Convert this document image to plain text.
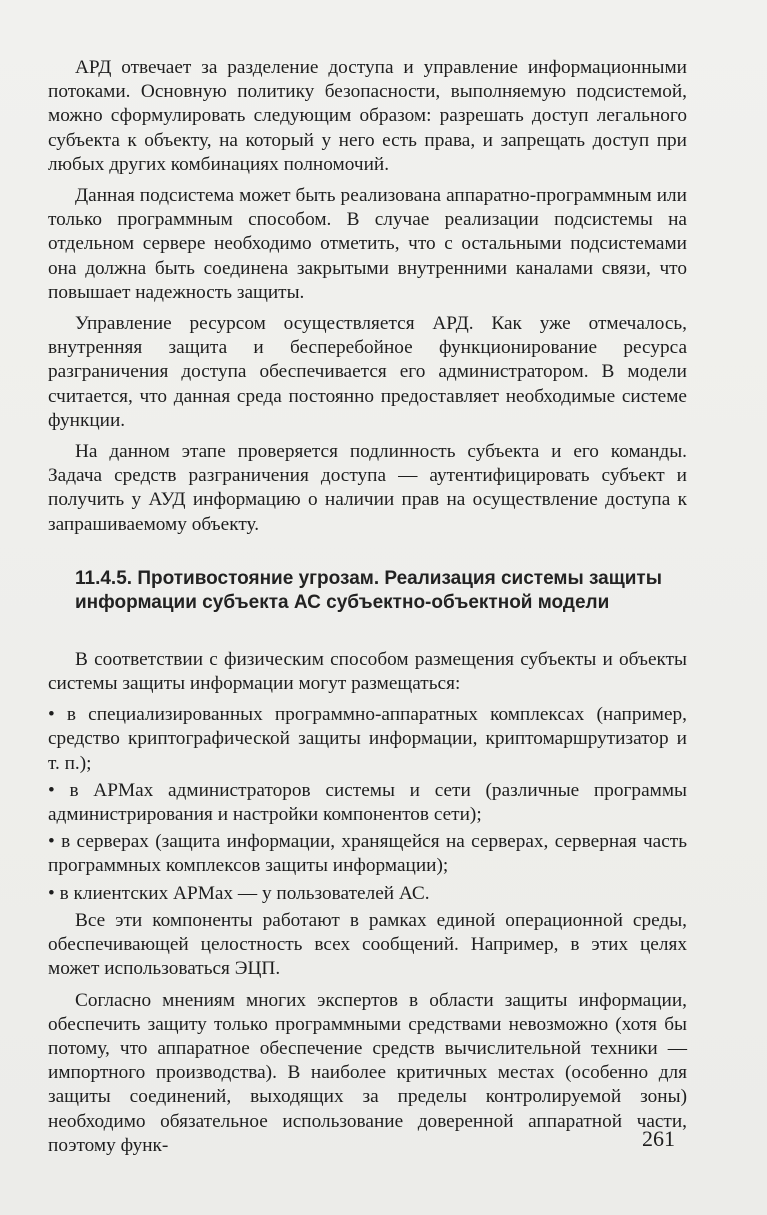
АРД отвечает за разделение доступа и управление информационными потоками. Основную политику безопасности, выполняемую подсистемой, можно сформулировать следующим образом: разрешать доступ легального субъекта к объекту, на который у него есть права, и запрещать доступ при любых других комбинациях полномочий.

Данная подсистема может быть реализована аппаратно-программным или только программным способом. В случае реализации подсистемы на отдельном сервере необходимо отметить, что с остальными подсистемами она должна быть соединена закрытыми внутренними каналами связи, что повышает надежность защиты.

Управление ресурсом осуществляется АРД. Как уже отмечалось, внутренняя защита и бесперебойное функционирование ресурса разграничения доступа обеспечивается его администратором. В модели считается, что данная среда постоянно предоставляет необходимые системе функции.

На данном этапе проверяется подлинность субъекта и его команды. Задача средств разграничения доступа — аутентифицировать субъект и получить у АУД информацию о наличии прав на осуществление доступа к запрашиваемому объекту.

11.4.5. Противостояние угрозам. Реализация системы защиты информации субъекта АС субъектно-объектной модели

В соответствии с физическим способом размещения субъекты и объекты системы защиты информации могут размещаться:

• в специализированных программно-аппаратных комплексах (например, средство криптографической защиты информации, криптомаршрутизатор и т. п.);

• в АРМах администраторов системы и сети (различные программы администрирования и настройки компонентов сети);

• в серверах (защита информации, хранящейся на серверах, серверная часть программных комплексов защиты информации);

• в клиентских АРМах — у пользователей АС.

Все эти компоненты работают в рамках единой операционной среды, обеспечивающей целостность всех сообщений. Например, в этих целях может использоваться ЭЦП.

Согласно мнениям многих экспертов в области защиты информации, обеспечить защиту только программными средствами невозможно (хотя бы потому, что аппаратное обеспечение средств вычислительной техники — импортного производства). В наиболее критичных местах (особенно для защиты соединений, выходящих за пределы контролируемой зоны) необходимо обязательное использование доверенной аппаратной части, поэтому функ-	261
